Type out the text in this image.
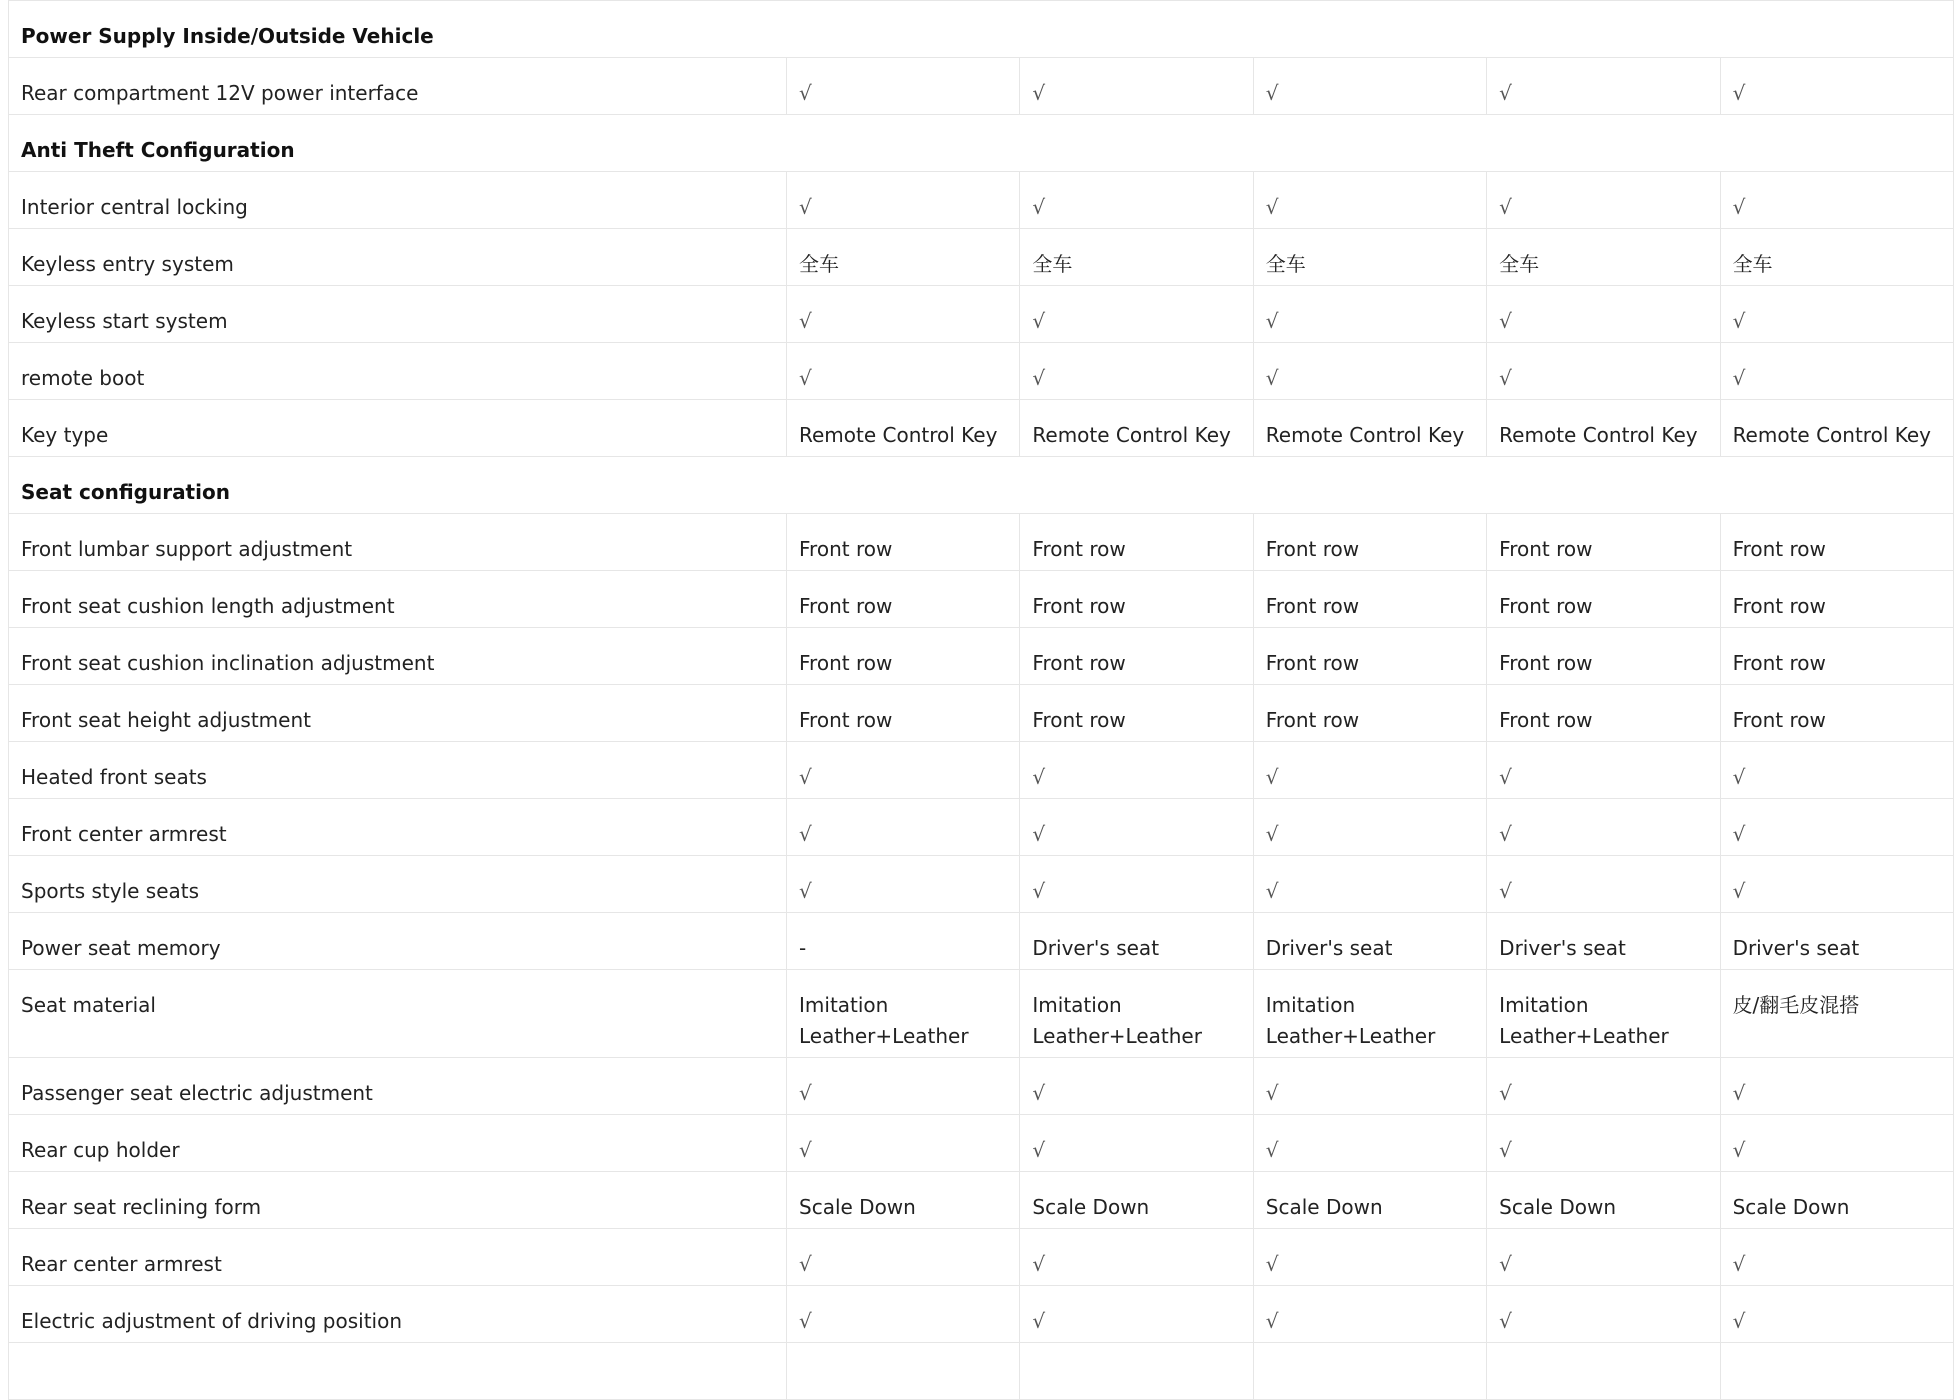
Power Supply Inside/Outside Vehicle					
Rear compartment 12V power interface	√	√	√	√	√
Anti Theft Configuration					
Interior central locking	√	√	√	√	√
Keyless entry system	全车	全车	全车	全车	全车
Keyless start system	√	√	√	√	√
remote boot	√	√	√	√	√
Key type	Remote Control Key	Remote Control Key	Remote Control Key	Remote Control Key	Remote Control Key
Seat configuration					
Front lumbar support adjustment	Front row	Front row	Front row	Front row	Front row
Front seat cushion length adjustment	Front row	Front row	Front row	Front row	Front row
Front seat cushion inclination adjustment	Front row	Front row	Front row	Front row	Front row
Front seat height adjustment	Front row	Front row	Front row	Front row	Front row
Heated front seats	√	√	√	√	√
Front center armrest	√	√	√	√	√
Sports style seats	√	√	√	√	√
Power seat memory	-	Driver's seat	Driver's seat	Driver's seat	Driver's seat
Seat material	Imitation Leather+Leather	Imitation Leather+Leather	Imitation Leather+Leather	Imitation Leather+Leather	皮/翻毛皮混搭
Passenger seat electric adjustment	√	√	√	√	√
Rear cup holder	√	√	√	√	√
Rear seat reclining form	Scale Down	Scale Down	Scale Down	Scale Down	Scale Down
Rear center armrest	√	√	√	√	√
Electric adjustment of driving position	√	√	√	√	√
